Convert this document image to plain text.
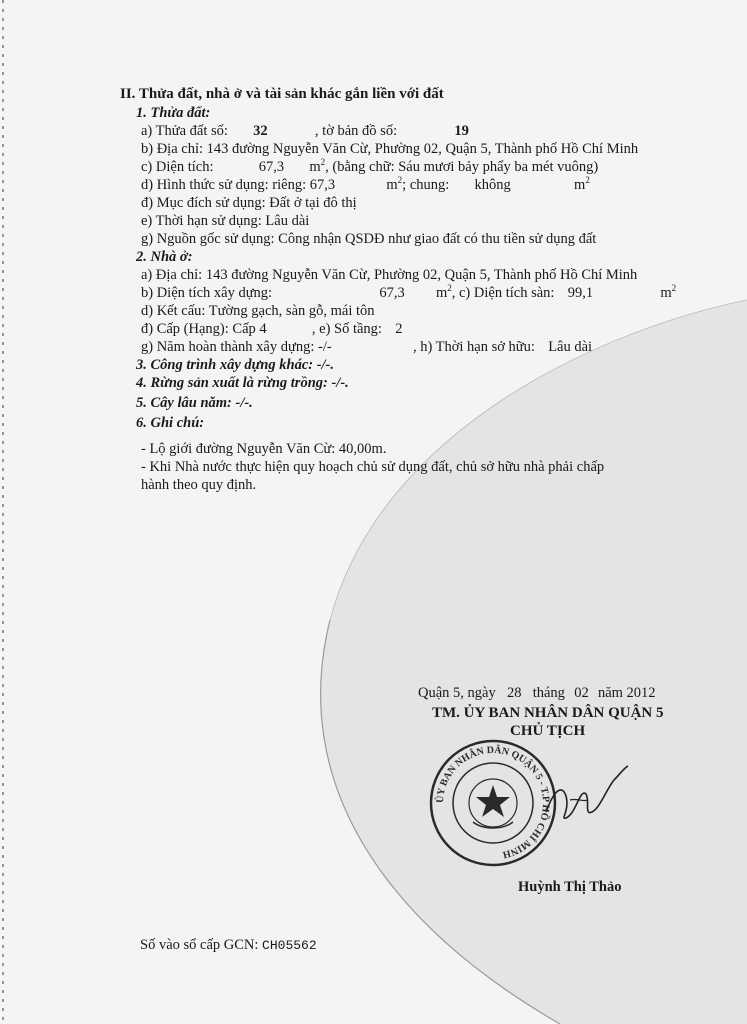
II. Thửa đất, nhà ở và tài sản khác gắn liền với đất
1. Thửa đất:
a) Thửa đất số: 32	, tờ bản đồ số:	19
b) Địa chỉ: 143 đường Nguyễn Văn Cừ, Phường 02, Quận 5, Thành phố Hồ Chí Minh
c) Diện tích:	67,3 $m^2$, (bằng chữ: Sáu mươi bảy phẩy ba mét vuông)
d) Hình thức sử dụng: riêng: 67,3	$m^2$; chung: không	$m^2$
đ) Mục đích sử dụng: Đất ở tại đô thị
e) Thời hạn sử dụng: Lâu dài
g) Nguồn gốc sử dụng: Công nhận QSDĐ như giao đất có thu tiền sử dụng đất
2. Nhà ở:
a) Địa chỉ: 143 đường Nguyễn Văn Cừ, Phường 02, Quận 5, Thành phố Hồ Chí Minh
b) Diện tích xây dựng:	67,3 $m^2$, c) Diện tích sàn: 99,1	$m^2$
d) Kết cấu: Tường gạch, sàn gỗ, mái tôn
đ) Cấp (Hạng): Cấp 4	, e) Số tầng: 2
g) Năm hoàn thành xây dựng: -/-	, h) Thời hạn sở hữu: Lâu dài
3. Công trình xây dựng khác: -/-.
4. Rừng sản xuất là rừng trồng: -/-.
5. Cây lâu năm: -/-.
6. Ghi chú:
- Lộ giới đường Nguyễn Văn Cừ: 40,00m.
- Khi Nhà nước thực hiện quy hoạch chủ sử dụng đất, chủ sở hữu nhà phải chấp
hành theo quy định.
Quận 5, ngày 28 tháng 02 năm 2012
TM. ỦY BAN NHÂN DÂN QUẬN 5
CHỦ TỊCH
ỦY BAN NHÂN DÂN QUẬN 5 - T.P HỒ CHÍ MINH
Huỳnh Thị Thảo
Số vào sổ cấp GCN: CH05562
